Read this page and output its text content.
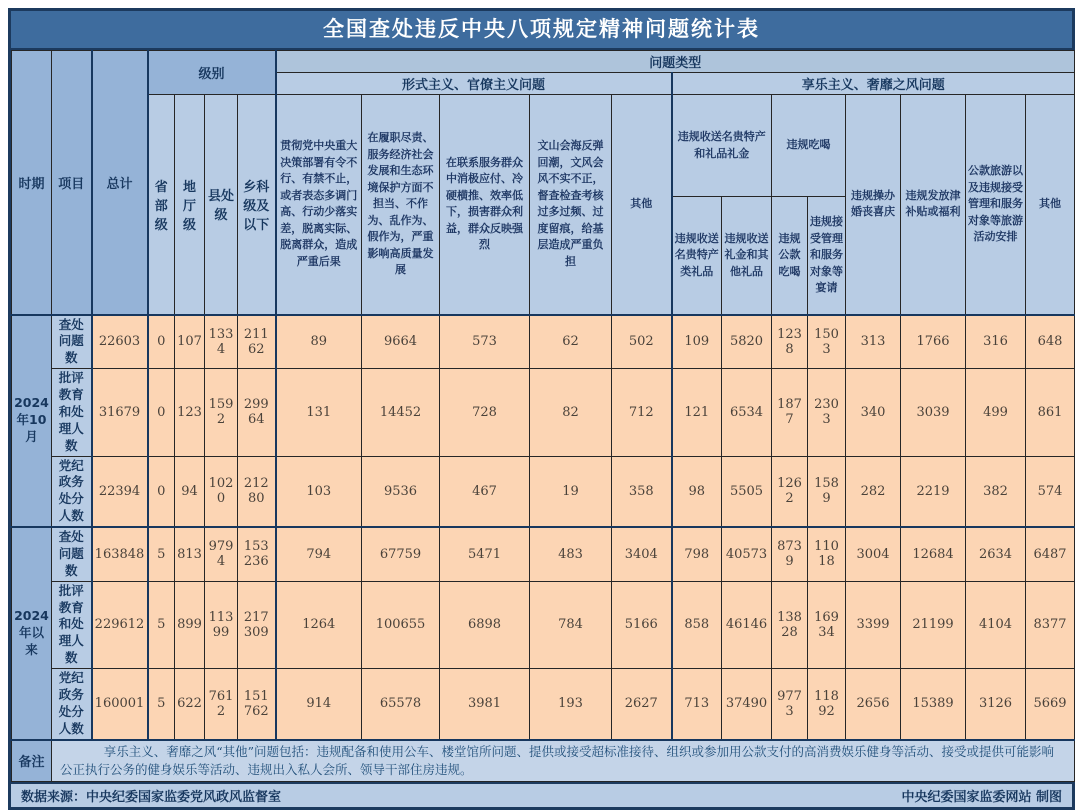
全国查处违反中央八项规定精神问题统计表
时期	项目	总计	级别				问题类型												
							形式主义、官僚主义问题					享乐主义、奢靡之风问题							
			省部级	地厅级	县处级	乡科级及以下	贯彻党中央重大决策部署有令不行、有禁不止，或者表态多调门高、行动少落实差，脱离实际、脱离群众，造成严重后果	在履职尽责、服务经济社会发展和生态环境保护方面不担当、不作为、乱作为、假作为，严重影响高质量发展	在联系服务群众中消极应付、冷硬横推、效率低下，损害群众利益，群众反映强烈	文山会海反弹回潮，文风会风不实不正，督查检查考核过多过频、过度留痕，给基层造成严重负担	其他	违规收送名贵特产和礼品礼金		违规吃喝		违规操办婚丧喜庆	违规发放津补贴或福利	公款旅游以及违规接受管理和服务对象等旅游活动安排	其他
												违规收送名贵特产类礼品	违规收送礼金和其他礼品	违规公款吃喝	违规接受管理和服务对象等宴请				
2024年10月	查处问题数	22603	0	107	1334	21162	89	9664	573	62	502	109	5820	1238	1503	313	1766	316	648
	批评教育和处理人数	31679	0	123	1592	29964	131	14452	728	82	712	121	6534	1877	2303	340	3039	499	861
	党纪政务处分人数	22394	0	94	1020	21280	103	9536	467	19	358	98	5505	1262	1589	282	2219	382	574
2024年以来	查处问题数	163848	5	813	9794	153236	794	67759	5471	483	3404	798	40573	8739	11018	3004	12684	2634	6487
	批评教育和处理人数	229612	5	899	11399	217309	1264	100655	6898	784	5166	858	46146	13828	16934	3399	21199	4104	8377
	党纪政务处分人数	160001	5	622	7612	151762	914	65578	3981	193	2627	713	37490	9773	11892	2656	15389	3126	5669
备注	享乐主义、奢靡之风“其他”问题包括：违规配备和使用公车、楼堂馆所问题、提供或接受超标准接待、组织或参加用公款支付的高消费娱乐健身等活动、接受或提供可能影响公正执行公务的健身娱乐等活动、违规出入私人会所、领导干部住房违规。																		
数据来源：中央纪委国家监委党风政风监督室	中央纪委国家监委网站 制图
